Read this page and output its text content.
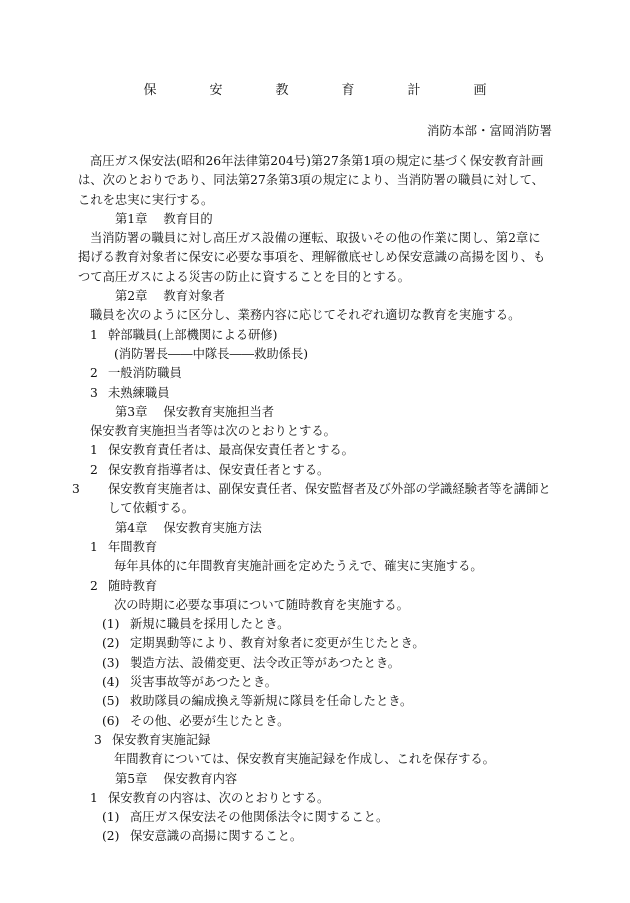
保　安　教　育　計　画
消防本部・富岡消防署

高圧ガス保安法(昭和26年法律第204号)第27条第1項の規定に基づく保安教育計画は、次のとおりであり、同法第27条第3項の規定により、当消防署の職員に対して、これを忠実に実行する。

第1章 教育目的

当消防署の職員に対し高圧ガス設備の運転、取扱いその他の作業に関し、第2章に掲げる教育対象者に保安に必要な事項を、理解徹底せしめ保安意識の高揚を図り、もつて高圧ガスによる災害の防止に資することを目的とする。

第2章 教育対象者

職員を次のように区分し、業務内容に応じてそれぞれ適切な教育を実施する。

1 幹部職員(上部機関による研修)

(消防署長――中隊長――救助係長)

2 一般消防職員

3 未熟練職員

第3章 保安教育実施担当者

保安教育実施担当者等は次のとおりとする。

1 保安教育責任者は、最高保安責任者とする。

2 保安教育指導者は、保安責任者とする。

3 保安教育実施者は、副保安責任者、保安監督者及び外部の学識経験者等を講師として依頼する。

第4章 保安教育実施方法

1 年間教育

毎年具体的に年間教育実施計画を定めたうえで、確実に実施する。

2 随時教育

次の時期に必要な事項について随時教育を実施する。

(1) 新規に職員を採用したとき。

(2) 定期異動等により、教育対象者に変更が生じたとき。

(3) 製造方法、設備変更、法令改正等があつたとき。

(4) 災害事故等があつたとき。

(5) 救助隊員の編成換え等新規に隊員を任命したとき。

(6) その他、必要が生じたとき。

3 保安教育実施記録

年間教育については、保安教育実施記録を作成し、これを保存する。

第5章 保安教育内容

1 保安教育の内容は、次のとおりとする。

(1) 高圧ガス保安法その他関係法令に関すること。

(2) 保安意識の高揚に関すること。
